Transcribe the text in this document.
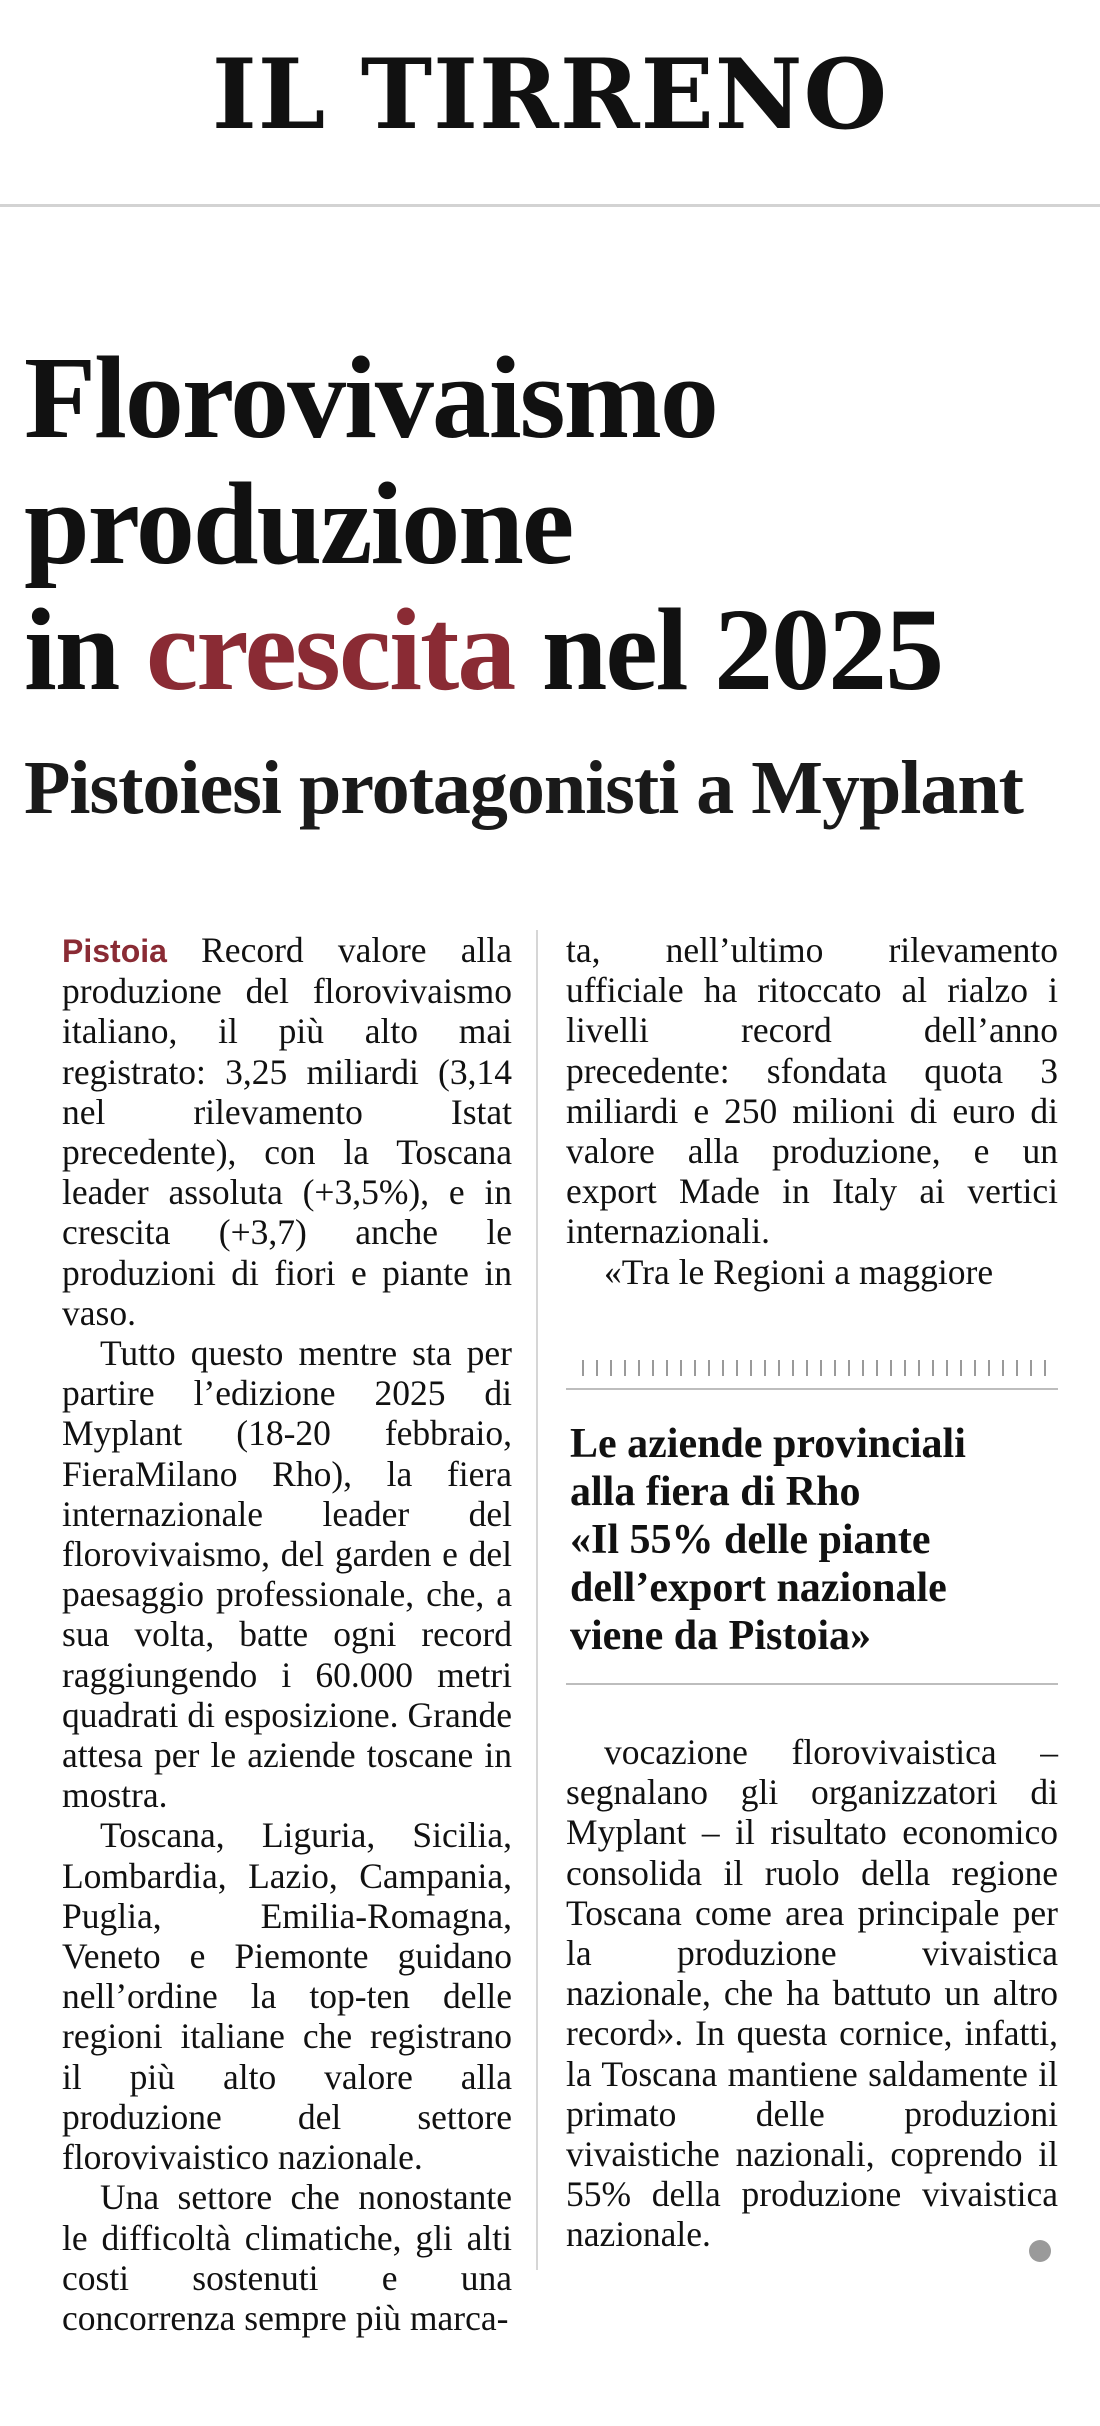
IL TIRRENO
Florovivaismo
produzione
in crescita nel 2025
Pistoiesi protagonisti a Myplant

Pistoia Record valore alla produzione del florovivaismo italiano, il più alto mai registrato: 3,25 miliardi (3,14 nel rilevamento Istat precedente), con la Toscana leader assoluta (+3,5%), e in crescita (+3,7) anche le produzioni di fiori e piante in vaso.

Tutto questo mentre sta per partire l’edizione 2025 di Myplant (18-20 febbraio, FieraMilano Rho), la fiera internazionale leader del florovivaismo, del garden e del paesaggio professionale, che, a sua volta, batte ogni record raggiungendo i 60.000 metri quadrati di esposizione. Grande attesa per le aziende toscane in mostra.

Toscana, Liguria, Sicilia, Lombardia, Lazio, Campania, Puglia, Emilia-Romagna, Veneto e Piemonte guidano nell’ordine la top-ten delle regioni italiane che registrano il più alto valore alla produzione del settore florovivaistico nazionale.

Una settore che nonostante le difficoltà climatiche, gli alti costi sostenuti e una concorrenza sempre più marca-

ta, nell’ultimo rilevamento ufficiale ha ritoccato al rialzo i livelli record dell’anno precedente: sfondata quota 3 miliardi e 250 milioni di euro di valore alla produzione, e un export Made in Italy ai vertici internazionali.

«Tra le Regioni a maggiore

Le aziende provinciali
alla fiera di Rho
«Il 55% delle piante
dell’export nazionale
viene da Pistoia»

vocazione florovivaistica – segnalano gli organizzatori di Myplant – il risultato economico consolida il ruolo della regione Toscana come area principale per la produzione vivaistica nazionale, che ha battuto un altro record». In questa cornice, infatti, la Toscana mantiene saldamente il primato delle produzioni vivaistiche nazionali, coprendo il 55% della produzione vivaistica nazionale.
